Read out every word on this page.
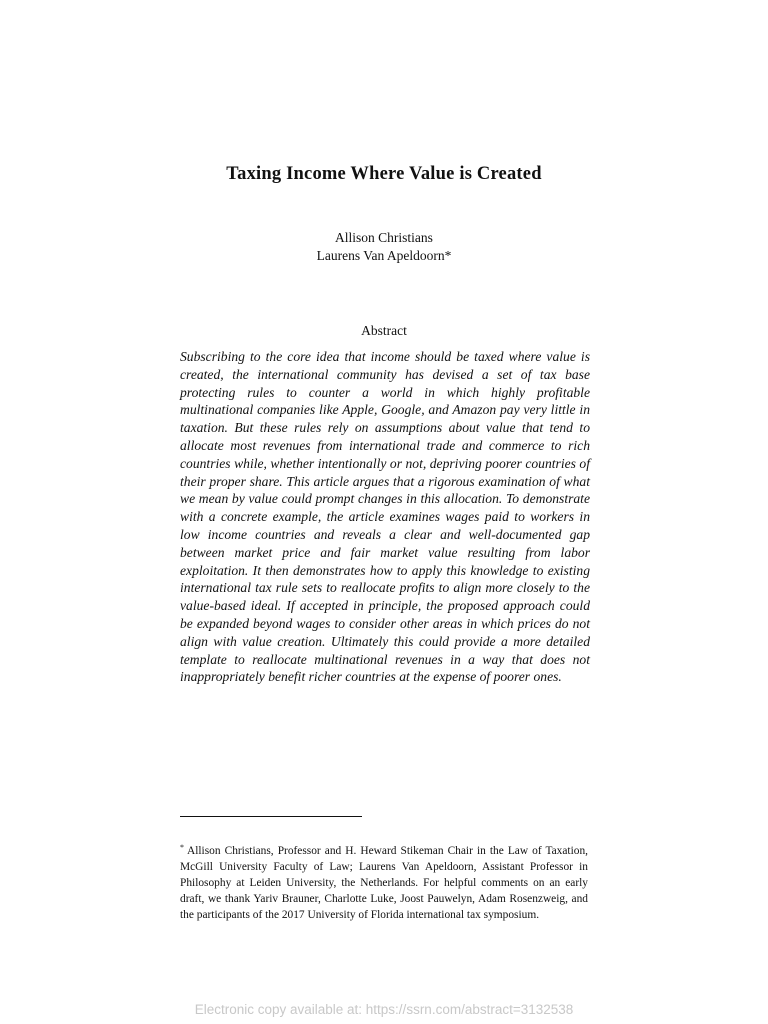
Taxing Income Where Value is Created
Allison Christians
Laurens Van Apeldoorn*
Abstract

Subscribing to the core idea that income should be taxed where value is created, the international community has devised a set of tax base protecting rules to counter a world in which highly profitable multinational companies like Apple, Google, and Amazon pay very little in taxation. But these rules rely on assumptions about value that tend to allocate most revenues from international trade and commerce to rich countries while, whether intentionally or not, depriving poorer countries of their proper share. This article argues that a rigorous examination of what we mean by value could prompt changes in this allocation. To demonstrate with a concrete example, the article examines wages paid to workers in low income countries and reveals a clear and well-documented gap between market price and fair market value resulting from labor exploitation. It then demonstrates how to apply this knowledge to existing international tax rule sets to reallocate profits to align more closely to the value-based ideal. If accepted in principle, the proposed approach could be expanded beyond wages to consider other areas in which prices do not align with value creation. Ultimately this could provide a more detailed template to reallocate multinational revenues in a way that does not inappropriately benefit richer countries at the expense of poorer ones.

* Allison Christians, Professor and H. Heward Stikeman Chair in the Law of Taxation, McGill University Faculty of Law; Laurens Van Apeldoorn, Assistant Professor in Philosophy at Leiden University, the Netherlands. For helpful comments on an early draft, we thank Yariv Brauner, Charlotte Luke, Joost Pauwelyn, Adam Rosenzweig, and the participants of the 2017 University of Florida international tax symposium.

Electronic copy available at: https://ssrn.com/abstract=3132538
